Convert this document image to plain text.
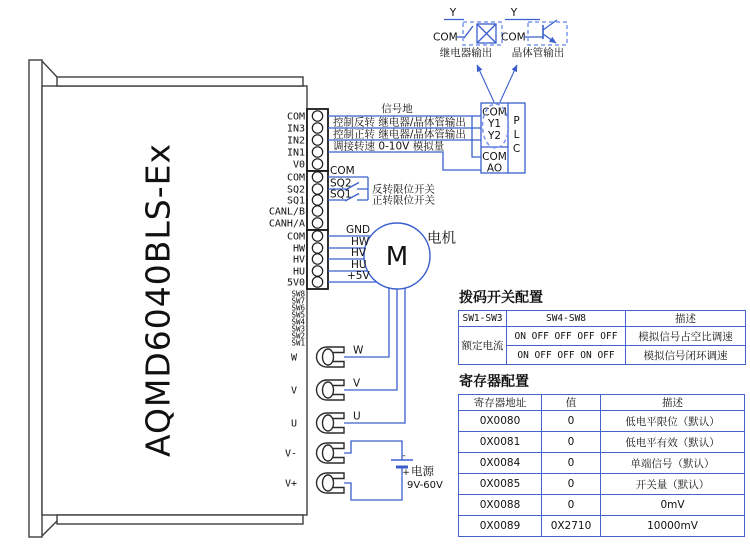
AQMD6040BLS-Ex
COM
IN3
IN2
IN1
V0
COM
SQ2
SQ1
CANL/B
CANH/A
COM
HW
HV
HU
5V0
SW8
SW7
SW6
SW5
SW4
SW3
SW2
SW1
W
V
U
V-
V+
M
电机
-
+ 电源
9V-60V
COM
Y1
Y2
COM
AO
P
L
C
Y
COM
继电器输出
Y
COM
晶体管输出
信号地
控制反转 继电器/晶体管输出
控制正转 继电器/晶体管输出
调接转速 0-10V 模拟量
COM
SQ2
SQ1 反转限位开关
正转限位开关
GND
HW
HV
HU
+5V
W
V
U
拨码开关配置
SW1-SW3	SW4-SW8	描述
额定电流	ON OFF OFF OFF OFF	模拟信号占空比调速
	ON OFF OFF ON OFF	模拟信号闭环调速
寄存器配置
寄存器地址	值	描述
0X0080	0	低电平限位（默认）
0X0081	0	低电平有效（默认）
0X0084	0	单端信号（默认）
0X0085	0	开关量（默认）
0X0088	0	0mV
0X0089	0X2710	10000mV
